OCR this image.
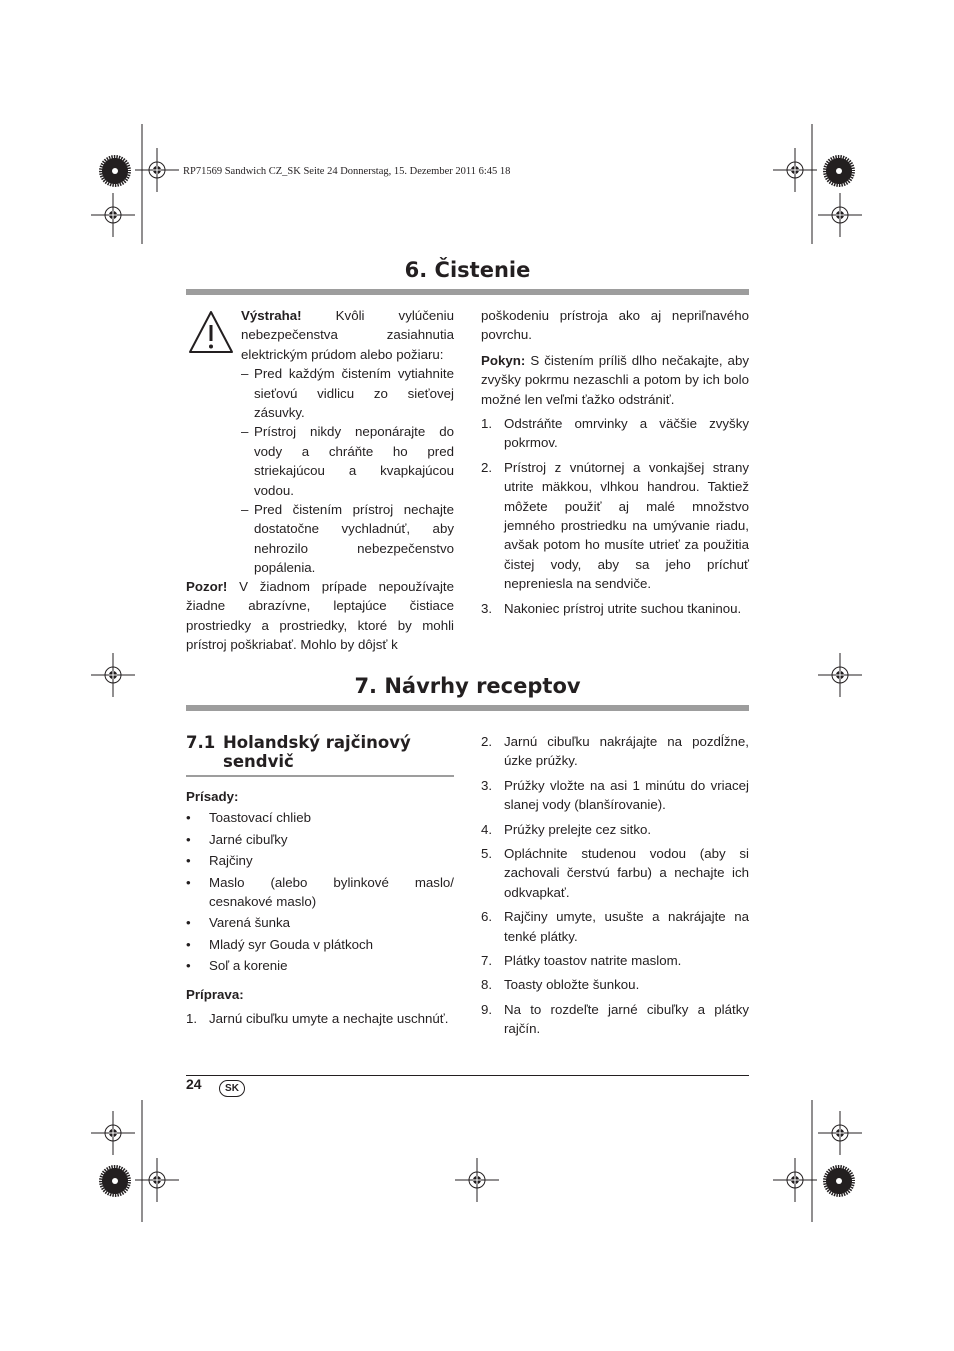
RP71569 Sandwich CZ_SK Seite 24 Donnerstag, 15. Dezember 2011 6:45 18
6. Čistenie

Výstraha!	Kvôli vylúčeniu nebezpečenstva zasiahnutia elektrickým prúdom alebo požiaru:

– Pred každým čistením vytiahnite sieťovú vidlicu zo sieťovej zásuvky.
– Prístroj nikdy neponárajte do vody a chráňte ho pred striekajúcou a kvapkajúcou vodou.
– Pred čistením prístroj nechajte dostatočne vychladnúť, aby nehrozilo nebezpečenstvo popálenia.

Pozor! V žiadnom prípade nepoužívajte žiadne abrazívne, leptajúce čistiace prostriedky a prostriedky, ktoré by mohli prístroj poškriabať. Mohlo by dôjsť k

poškodeniu prístroja ako aj nepriľnavého povrchu.

Pokyn: S čistením príliš dlho nečakajte, aby zvyšky pokrmu nezaschli a potom by ich bolo možné len veľmi ťažko odstrániť.

1. Odstráňte omrvinky a väčšie zvyšky pokrmov.
2. Prístroj z vnútornej a vonkajšej strany utrite mäkkou, vlhkou handrou. Taktiež môžete použiť aj malé množstvo jemného prostriedku na umývanie riadu, avšak potom ho musíte utrieť za použitia čistej vody, aby sa jeho príchuť nepreniesla na sendviče.
3. Nakoniec prístroj utrite suchou tkaninou.
7. Návrhy receptov
7.1 Holandský rajčinový sendvič

Prísady:

•	Toastovací chlieb
•	Jarné cibuľky
•	Rajčiny
•	Maslo (alebo bylinkové maslo/ cesnakové maslo)
•	Varená šunka
•	Mladý syr Gouda v plátkoch
•	Soľ a korenie

Príprava:

1. Jarnú cibuľku umyte a nechajte uschnúť.
2. Jarnú cibuľku nakrájajte na pozdĺžne, úzke prúžky.
3. Prúžky vložte na asi 1 minútu do vriacej slanej vody (blanšírovanie).
4. Prúžky prelejte cez sitko.
5. Opláchnite studenou vodou (aby si zachovali čerstvú farbu) a nechajte ich odkvapkať.
6. Rajčiny umyte, usušte a nakrájajte na tenké plátky.
7. Plátky toastov natrite maslom.
8. Toasty obložte šunkou.
9. Na to rozdeľte jarné cibuľky a plátky rajčín.
24	SK
